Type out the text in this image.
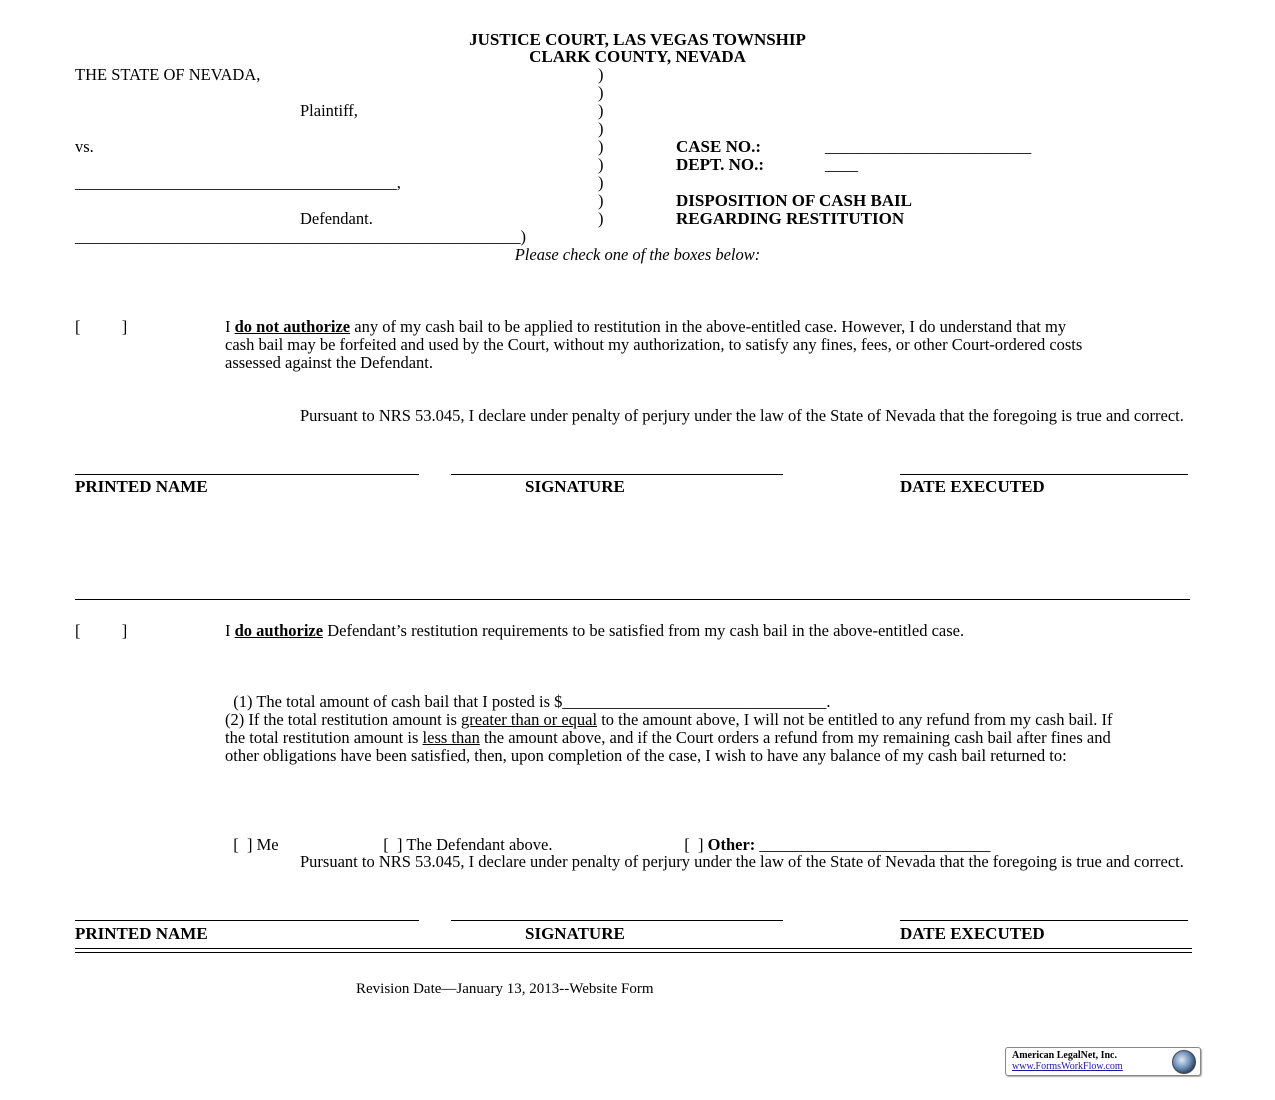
JUSTICE COURT, LAS VEGAS TOWNSHIP
CLARK COUNTY, NEVADA
THE STATE OF NEVADA,
Plaintiff,
vs.
_______________________________________,
Defendant.
______________________________________________________)
)
)
)
)
)
)
)
)
)
CASE NO.:	_________________________
DEPT. NO.:	____
DISPOSITION OF CASH BAIL
REGARDING RESTITUTION
Please check one of the boxes below:
[          ]	I do not authorize any of my cash bail to be applied to restitution in the above-entitled case. However, I do understand that my cash bail may be forfeited and used by the Court, without my authorization, to satisfy any fines, fees, or other Court-ordered costs assessed against the Defendant.
Pursuant to NRS 53.045, I declare under penalty of perjury under the law of the State of Nevada that the foregoing is true and correct.
PRINTED NAME	SIGNATURE	DATE EXECUTED
[          ]	I do authorize Defendant’s restitution requirements to be satisfied from my cash bail in the above-entitled case.

(1) The total amount of cash bail that I posted is $________________________________.

(2) If the total restitution amount is greater than or equal to the amount above, I will not be entitled to any refund from my cash bail. If the total restitution amount is less than the amount above, and if the Court orders a refund from my remaining cash bail after fines and other obligations have been satisfied, then, upon completion of the case, I wish to have any balance of my cash bail returned to:

[  ] Me	[  ] The Defendant above.	[  ] Other: ____________________________

Pursuant to NRS 53.045, I declare under penalty of perjury under the law of the State of Nevada that the foregoing is true and correct.
PRINTED NAME	SIGNATURE	DATE EXECUTED
Revision Date—January 13, 2013--Website Form
American LegalNet, Inc.
www.FormsWorkFlow.com
